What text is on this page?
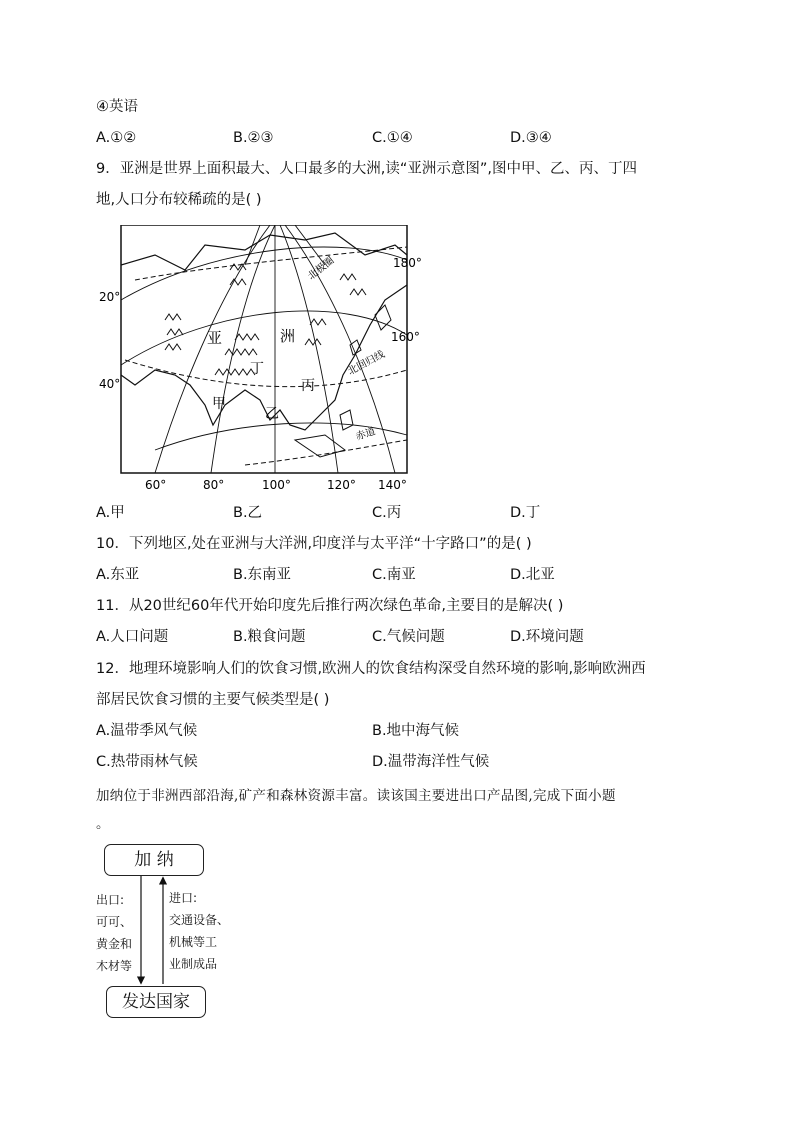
④英语
A.①②	B.②③	C.①④	D.③④
9．亚洲是世界上面积最大、人口最多的大洲,读“亚洲示意图”,图中甲、乙、丙、丁四
地,人口分布较稀疏的是( )
亚	洲
甲
乙
丙
丁
北极圈
北回归线
赤道
60°	80°	100°	120° 140°
180°
160°
20°
40°
A.甲	B.乙	C.丙	D.丁
10．下列地区,处在亚洲与大洋洲,印度洋与太平洋“十字路口”的是( )
A.东亚	B.东南亚	C.南亚	D.北亚
11．从20世纪60年代开始印度先后推行两次绿色革命,主要目的是解决( )
A.人口问题	B.粮食问题	C.气候问题	D.环境问题
12．地理环境影响人们的饮食习惯,欧洲人的饮食结构深受自然环境的影响,影响欧洲西
部居民饮食习惯的主要气候类型是( )
A.温带季风气候	B.地中海气候
C.热带雨林气候	D.温带海洋性气候
加纳位于非洲西部沿海,矿产和森林资源丰富。读该国主要进出口产品图,完成下面小题
。
加 纳
发达国家
出口:
可可、
黄金和
木材等
进口:
交通设备、
机械等工
业制成品
